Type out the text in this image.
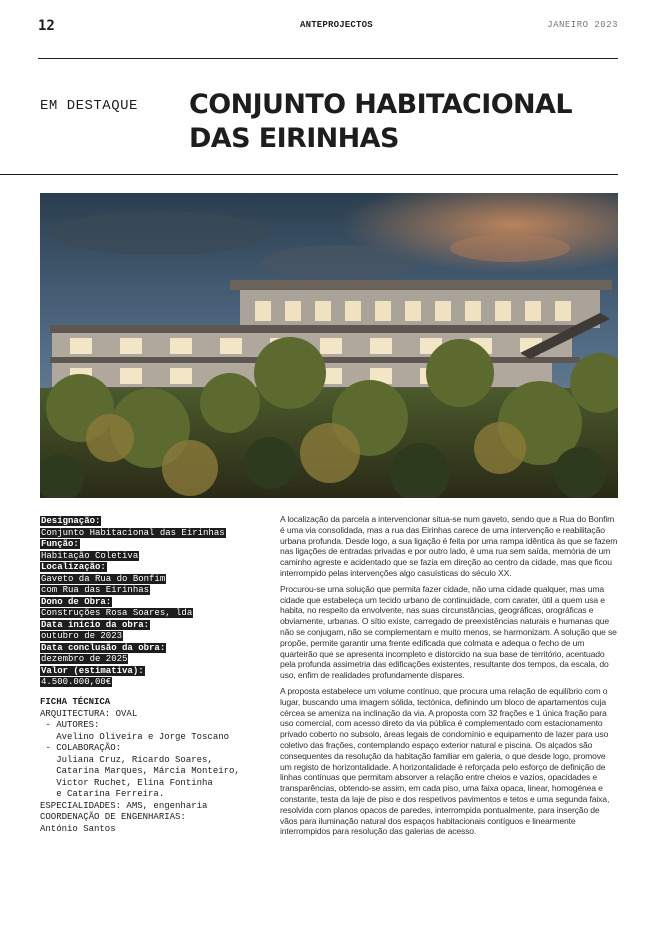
12	ANTEPROJECTOS	JANEIRO 2023
EM DESTAQUE CONJUNTO HABITACIONAL
DAS EIRINHAS
Designação:
Conjunto Habitacional das Eirinhas
Função:
Habitação Coletiva
Localização:
Gaveto da Rua do Bonfim
com Rua das Eirinhas
Dono de Obra:
Construções Rosa Soares, lda
Data início da obra:
outubro de 2023
Data conclusão da obra:
dezembro de 2025
Valor (estimativa):
4.500.000,00€
FICHA TÉCNICA
ARQUITECTURA: OVAL
- AUTORES:
Avelino Oliveira e Jorge Toscano
- COLABORAÇÃO:
Juliana Cruz, Ricardo Soares,
Catarina Marques, Márcia Monteiro,
Victor Ruchet, Elina Fontinha
e Catarina Ferreira.
ESPECIALIDADES: AMS, engenharia
COORDENAÇÃO DE ENGENHARIAS:
António Santos

A localização da parcela a intervencionar situa-se num gaveto, sendo que a Rua do Bonfim é uma via consolidada, mas a rua das Eirinhas carece de uma intervenção e reabilitação urbana profunda. Desde logo, a sua ligação é feita por uma rampa idêntica às que se fazem nas ligações de entradas privadas e por outro lado, é uma rua sem saída, memória de um caminho agreste e acidentado que se fazia em direção ao centro da cidade, mas que ficou interrompido pelas intervenções algo casuísticas do século XX.

Procurou-se uma solução que permita fazer cidade, não uma cidade qualquer, mas uma cidade que estabeleça um tecido urbano de continuidade, com carater, útil a quem usa e habita, no respeito da envolvente, nas suas circunstâncias, geográficas, orográficas e obviamente, urbanas. O sítio existe, carregado de preexistências naturais e humanas que não se conjugam, não se complementam e muito menos, se harmonizam. A solução que se propõe, permite garantir uma frente edificada que colmata e adequa o fecho de um quarteirão que se apresenta incompleto e distorcido na sua base de território, acentuado pela profunda assimetria das edificações existentes, resultante dos tempos, da escala, do uso, enfim de realidades profundamente díspares.

A proposta estabelece um volume contínuo, que procura uma relação de equilíbrio com o lugar, buscando uma imagem sólida, tectónica, definindo um bloco de apartamentos cuja cércea se ameniza na inclinação da via. A proposta com 32 frações e 1 única fração para uso comercial, com acesso direto da via pública é complementado com estacionamento privado coberto no subsolo, áreas legais de condomínio e equipamento de lazer para uso coletivo das frações, contemplando espaço exterior natural e piscina. Os alçados são consequentes da resolução da habitação familiar em galeria, o que desde logo, promove um registo de horizontalidade. A horizontalidade é reforçada pelo esforço de definição de linhas contínuas que permitam absorver a relação entre cheios e vazios, opacidades e transparências, obtendo-se assim, em cada piso, uma faixa opaca, linear, homogénea e constante, testa da laje de piso e dos respetivos pavimentos e tetos e uma segunda faixa, resolvida com planos opacos de paredes, interrompida pontualmente, para inserção de vãos para iluminação natural dos espaços habitacionais contíguos e linearmente interrompidos para resolução das galerias de acesso.
